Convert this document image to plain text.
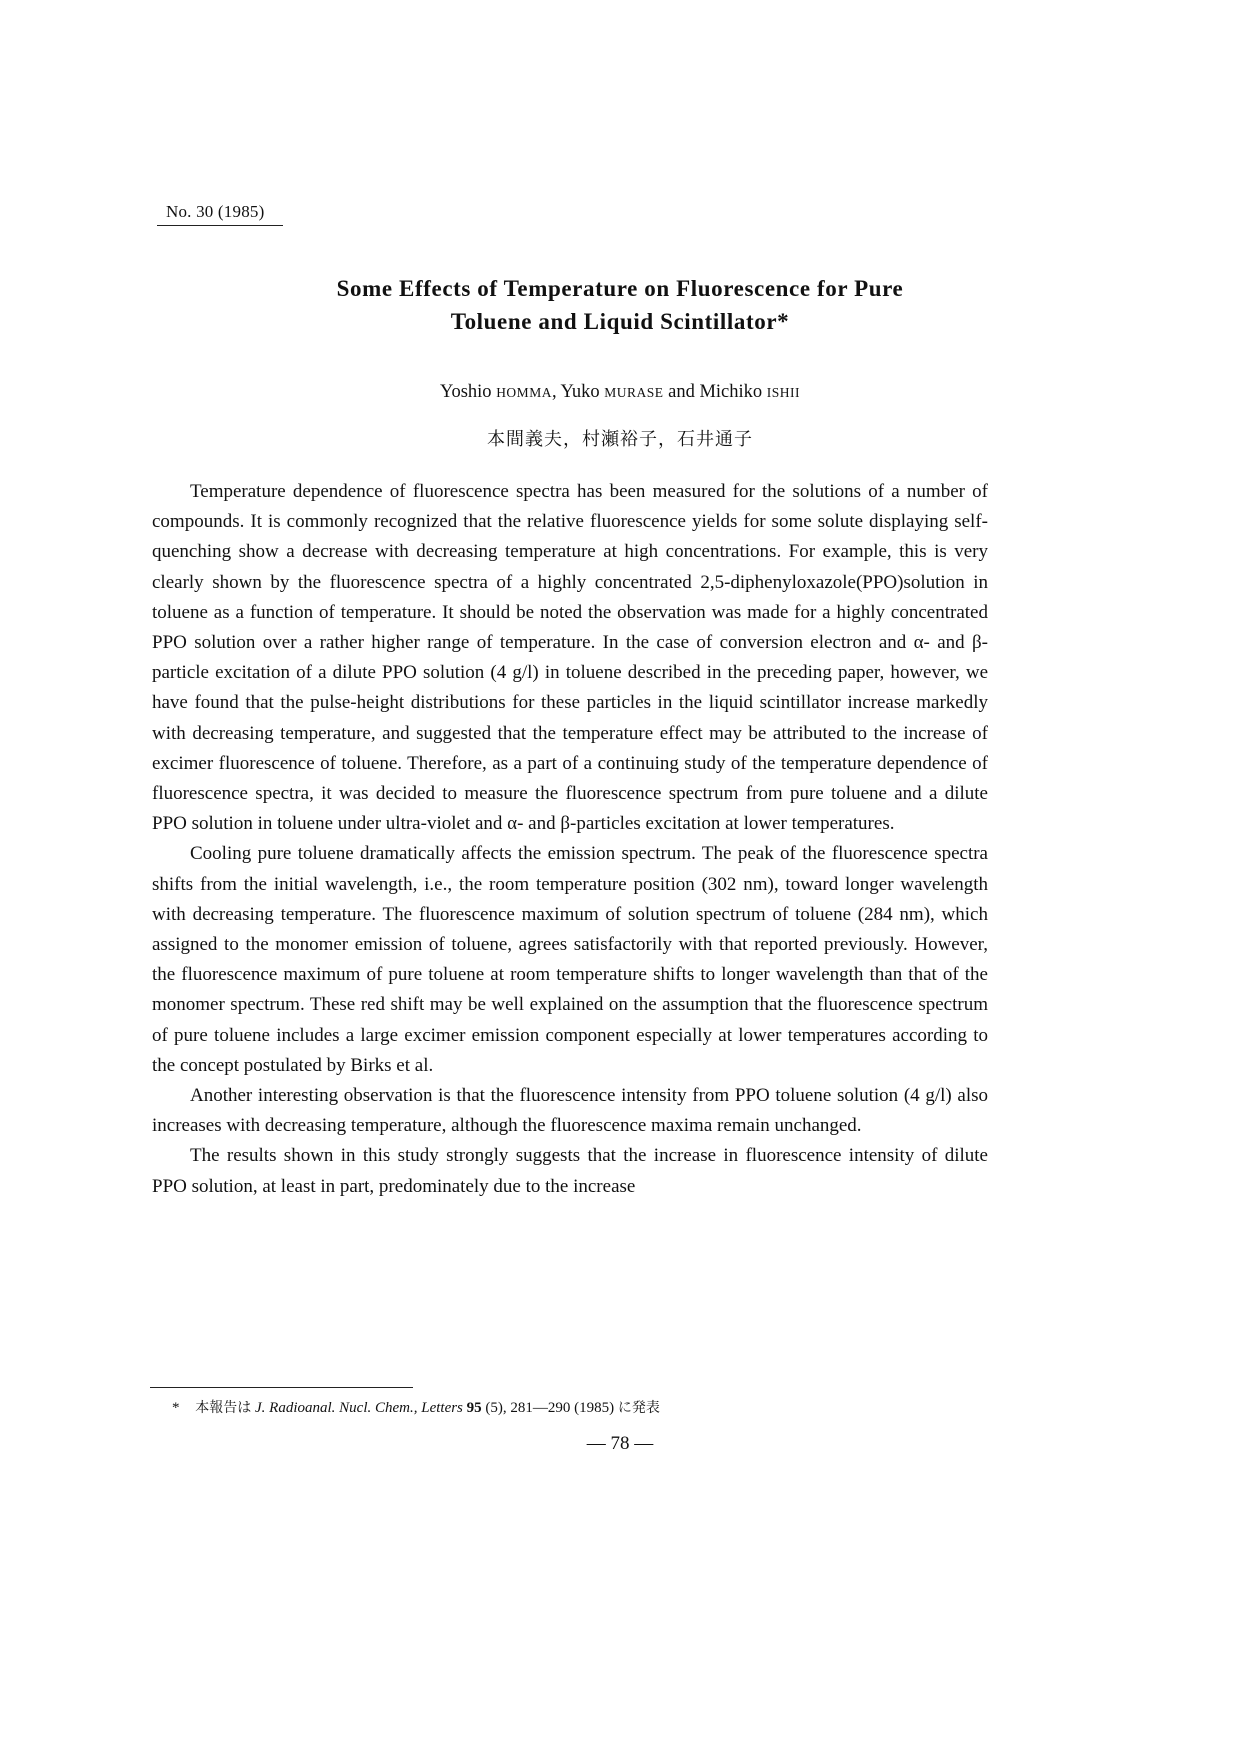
No. 30 (1985)
Some Effects of Temperature on Fluorescence for Pure
Toluene and Liquid Scintillator*
Yoshio HOMMA, Yuko MURASE and Michiko ISHII
本間義夫，村瀬裕子，石井通子

Temperature dependence of fluorescence spectra has been measured for the solutions of a number of compounds. It is commonly recognized that the relative fluorescence yields for some solute displaying self-quenching show a decrease with decreasing temperature at high concentrations. For example, this is very clearly shown by the fluorescence spectra of a highly concentrated 2,5-diphenyloxazole(PPO)solution in toluene as a function of temperature. It should be noted the observation was made for a highly concentrated PPO solution over a rather higher range of temperature. In the case of conversion electron and α- and β-particle excitation of a dilute PPO solution (4 g/l) in toluene described in the preceding paper, however, we have found that the pulse-height distributions for these particles in the liquid scintillator increase markedly with decreasing temperature, and suggested that the temperature effect may be attributed to the increase of excimer fluorescence of toluene. Therefore, as a part of a continuing study of the temperature dependence of fluorescence spectra, it was decided to measure the fluorescence spectrum from pure toluene and a dilute PPO solution in toluene under ultra-violet and α- and β-particles excitation at lower temperatures.

Cooling pure toluene dramatically affects the emission spectrum. The peak of the fluorescence spectra shifts from the initial wavelength, i.e., the room temperature position (302 nm), toward longer wavelength with decreasing temperature. The fluorescence maximum of solution spectrum of toluene (284 nm), which assigned to the monomer emission of toluene, agrees satisfactorily with that reported previously. However, the fluorescence maximum of pure toluene at room temperature shifts to longer wavelength than that of the monomer spectrum. These red shift may be well explained on the assumption that the fluorescence spectrum of pure toluene includes a large excimer emission component especially at lower temperatures according to the concept postulated by Birks et al.

Another interesting observation is that the fluorescence intensity from PPO toluene solution (4 g/l) also increases with decreasing temperature, although the fluorescence maxima remain unchanged.

The results shown in this study strongly suggests that the increase in fluorescence intensity of dilute PPO solution, at least in part, predominately due to the increase

* 本報告は J. Radioanal. Nucl. Chem., Letters 95 (5), 281—290 (1985) に発表
— 78 —
